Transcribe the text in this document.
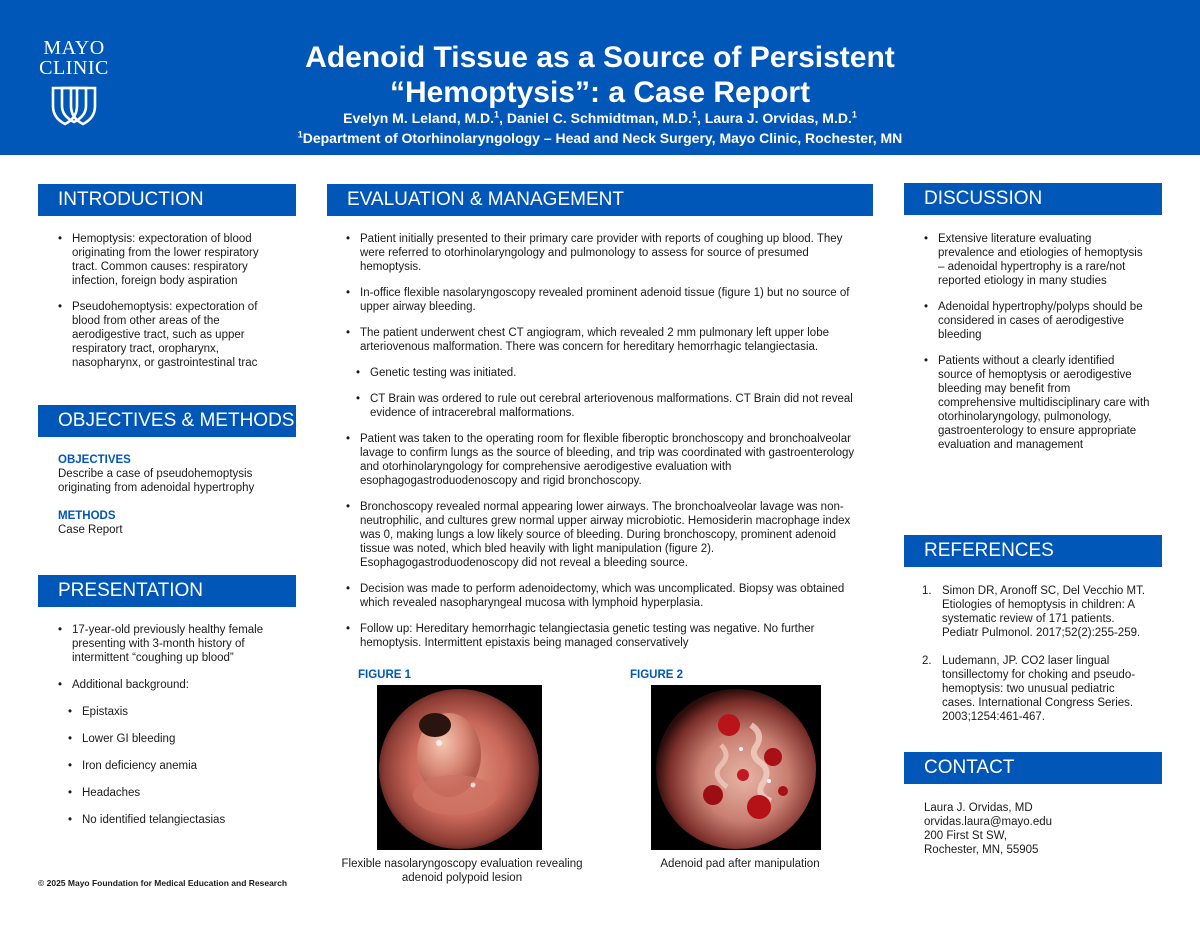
MAYO
CLINIC	Adenoid Tissue as a Source of Persistent
“Hemoptysis”: a Case Report
Evelyn M. Leland, M.D.$^1$, Daniel C. Schmidtman, M.D.$^1$, Laura J. Orvidas, M.D.$^1$
$^1$Department of Otorhinolaryngology – Head and Neck Surgery, Mayo Clinic, Rochester, MN
INTRODUCTION
• Hemoptysis: expectoration of blood originating from the lower respiratory tract. Common causes: respiratory infection, foreign body aspiration
• Pseudohemoptysis: expectoration of blood from other areas of the aerodigestive tract, such as upper respiratory tract, oropharynx, nasopharynx, or gastrointestinal trac
OBJECTIVES & METHODS
OBJECTIVES
Describe a case of pseudohemoptysis originating from adenoidal hypertrophy
METHODS
Case Report
PRESENTATION
• 17-year-old previously healthy female presenting with 3-month history of intermittent “coughing up blood”
• Additional background:
• Epistaxis
• Lower GI bleeding
• Iron deficiency anemia
• Headaches
• No identified telangiectasias
© 2025 Mayo Foundation for Medical Education and Research
EVALUATION & MANAGEMENT
• Patient initially presented to their primary care provider with reports of coughing up blood. They were referred to otorhinolaryngology and pulmonology to assess for source of presumed hemoptysis.
• In-office flexible nasolaryngoscopy revealed prominent adenoid tissue (figure 1) but no source of upper airway bleeding.
• The patient underwent chest CT angiogram, which revealed 2 mm pulmonary left upper lobe arteriovenous malformation. There was concern for hereditary hemorrhagic telangiectasia.
• Genetic testing was initiated.
• CT Brain was ordered to rule out cerebral arteriovenous malformations. CT Brain did not reveal evidence of intracerebral malformations.
• Patient was taken to the operating room for flexible fiberoptic bronchoscopy and bronchoalveolar lavage to confirm lungs as the source of bleeding, and trip was coordinated with gastroenterology and otorhinolaryngology for comprehensive aerodigestive evaluation with esophagogastroduodenoscopy and rigid bronchoscopy.
• Bronchoscopy revealed normal appearing lower airways. The bronchoalveolar lavage was non-neutrophilic, and cultures grew normal upper airway microbiotic. Hemosiderin macrophage index was 0, making lungs a low likely source of bleeding. During bronchoscopy, prominent adenoid tissue was noted, which bled heavily with light manipulation (figure 2). Esophagogastroduodenoscopy did not reveal a bleeding source.
• Decision was made to perform adenoidectomy, which was uncomplicated. Biopsy was obtained which revealed nasopharyngeal mucosa with lymphoid hyperplasia.
• Follow up: Hereditary hemorrhagic telangiectasia genetic testing was negative. No further hemoptysis. Intermittent epistaxis being managed conservatively
FIGURE 1
Flexible nasolaryngoscopy evaluation revealing adenoid polypoid lesion
FIGURE 2
Adenoid pad after manipulation
DISCUSSION
• Extensive literature evaluating prevalence and etiologies of hemoptysis – adenoidal hypertrophy is a rare/not reported etiology in many studies
• Adenoidal hypertrophy/polyps should be considered in cases of aerodigestive bleeding
• Patients without a clearly identified source of hemoptysis or aerodigestive bleeding may benefit from comprehensive multidisciplinary care with otorhinolaryngology, pulmonology, gastroenterology to ensure appropriate evaluation and management
REFERENCES
1. Simon DR, Aronoff SC, Del Vecchio MT. Etiologies of hemoptysis in children: A systematic review of 171 patients. Pediatr Pulmonol. 2017;52(2):255-259.
2. Ludemann, JP. CO2 laser lingual tonsillectomy for choking and pseudo-hemoptysis: two unusual pediatric cases. International Congress Series. 2003;1254:461-467.
CONTACT
Laura J. Orvidas, MD
orvidas.laura@mayo.edu
200 First St SW,
Rochester, MN, 55905
